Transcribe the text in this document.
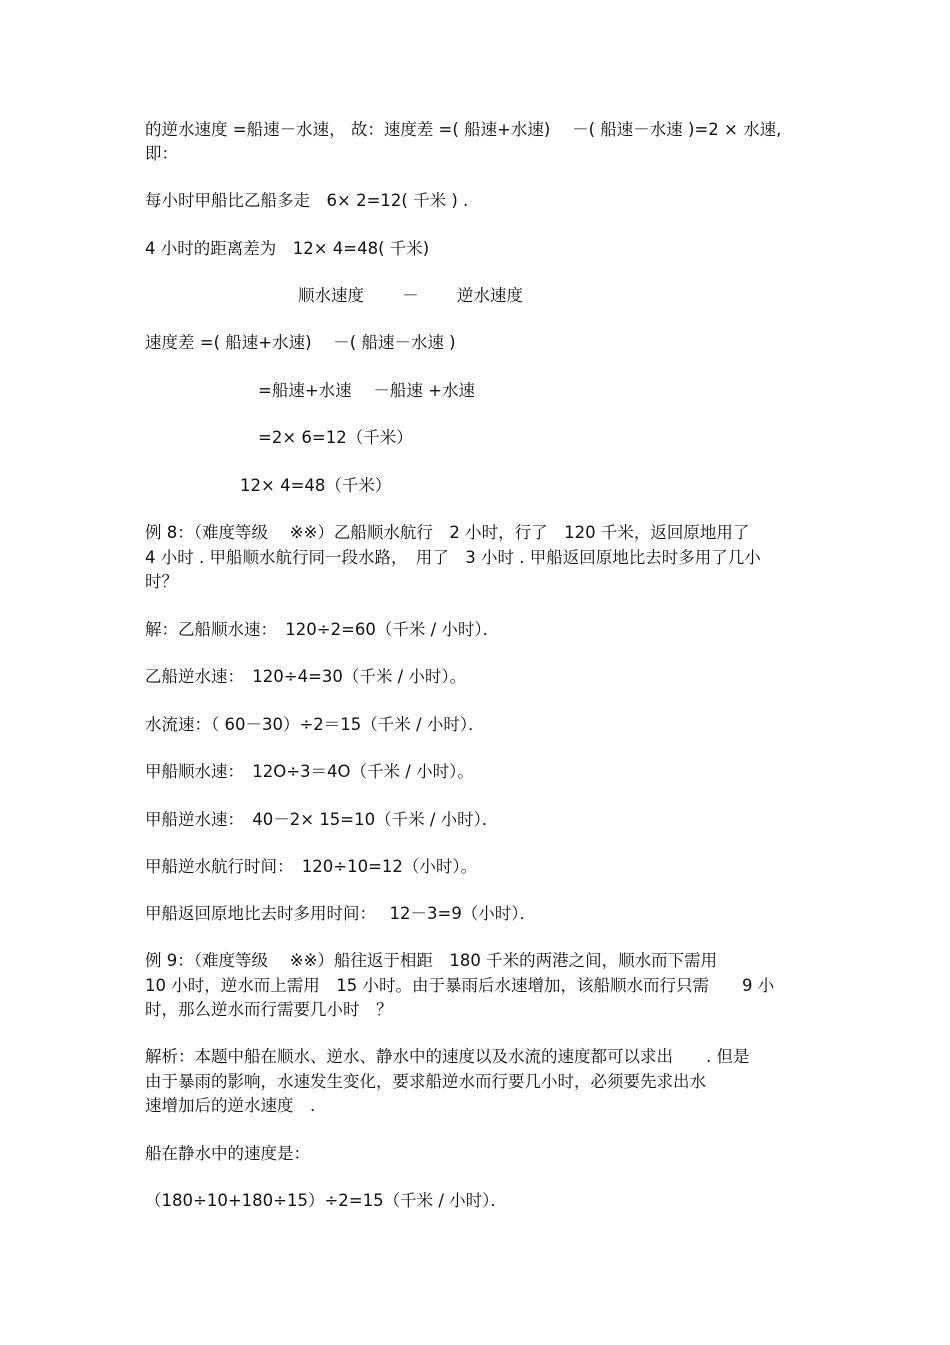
的逆水速度 =船速－水速， 故：速度差 =( 船速+水速)　 －( 船速－水速 )=2 × 水速,

即：

每小时甲船比乙船多走　6× 2=12( 千米 ) .

4 小时的距离差为　12× 4=48( 千米)

顺水速度　　 －　　 逆水速度

速度差 =( 船速+水速)　 －( 船速－水速 )

=船速+水速　 －船速 +水速

=2× 6=12（千米）

12× 4=48（千米）

例 8：（难度等级　 ※※）乙船顺水航行　2 小时，行了　120 千米，返回原地用了

4 小时 . 甲船顺水航行同一段水路，　用了　3 小时 . 甲船返回原地比去时多用了几小

时？

解：乙船顺水速：　120÷2=60（千米 / 小时）．

乙船逆水速：　120÷4=30（千米 / 小时）。

水流速：（ 60－30）÷2＝15（千米 / 小时）．

甲船顺水速：　12O÷3＝4O（千米 / 小时）。

甲船逆水速：　40－2× 15=10（千米 / 小时）．

甲船逆水航行时间：　120÷10=12（小时）。

甲船返回原地比去时多用时间：　 12－3=9（小时）．

例 9：（难度等级　 ※※）船往返于相距　180 千米的两港之间，顺水而下需用

10 小时，逆水而上需用　15 小时。由于暴雨后水速增加，该船顺水而行只需　　9 小

时，那么逆水而行需要几小时　？

解析：本题中船在顺水、逆水、静水中的速度以及水流的速度都可以求出　　. 但是

由于暴雨的影响，水速发生变化，要求船逆水而行要几小时，必须要先求出水

速增加后的逆水速度　.

船在静水中的速度是：

（180÷10+180÷15）÷2=15（千米 / 小时）．
